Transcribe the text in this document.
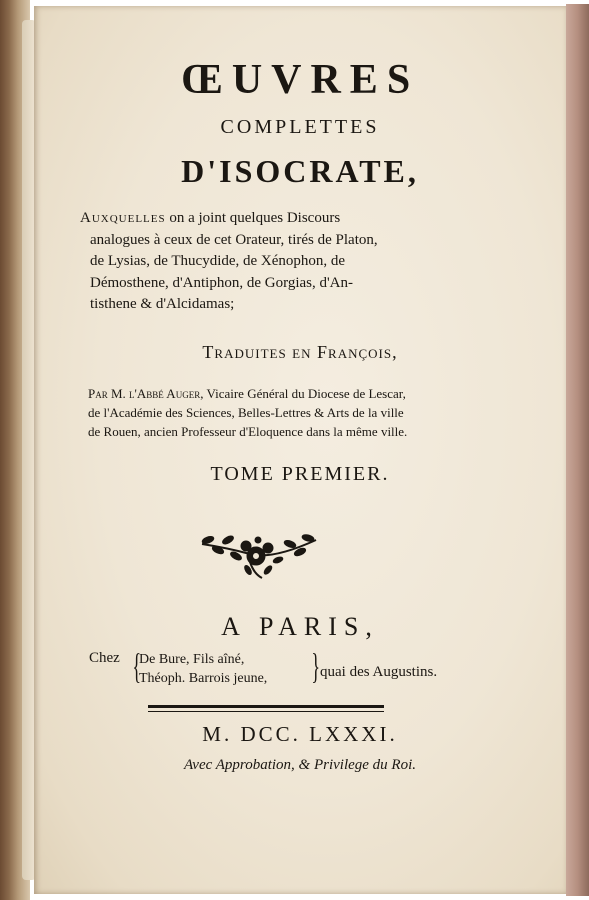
ŒUVRES
COMPLETTES
D'ISOCRATE,
Auxquelles on a joint quelques Discours
analogues à ceux de cet Orateur, tirés de Platon,
de Lysias, de Thucydide, de Xénophon, de
Démosthene, d'Antiphon, de Gorgias, d'An-
tisthene & d'Alcidamas;
Traduites en François,
Par M. l'Abbé Auger, Vicaire Général du Diocese de Lescar,
de l'Académie des Sciences, Belles-Lettres & Arts de la ville
de Rouen, ancien Professeur d'Eloquence dans la même ville.
TOME PREMIER.
A PARIS,
Chez {
De Bure, Fils aîné,
Théoph. Barrois jeune, } quai des Augustins.
M. DCC. LXXXI.
Avec Approbation, & Privilege du Roi.
